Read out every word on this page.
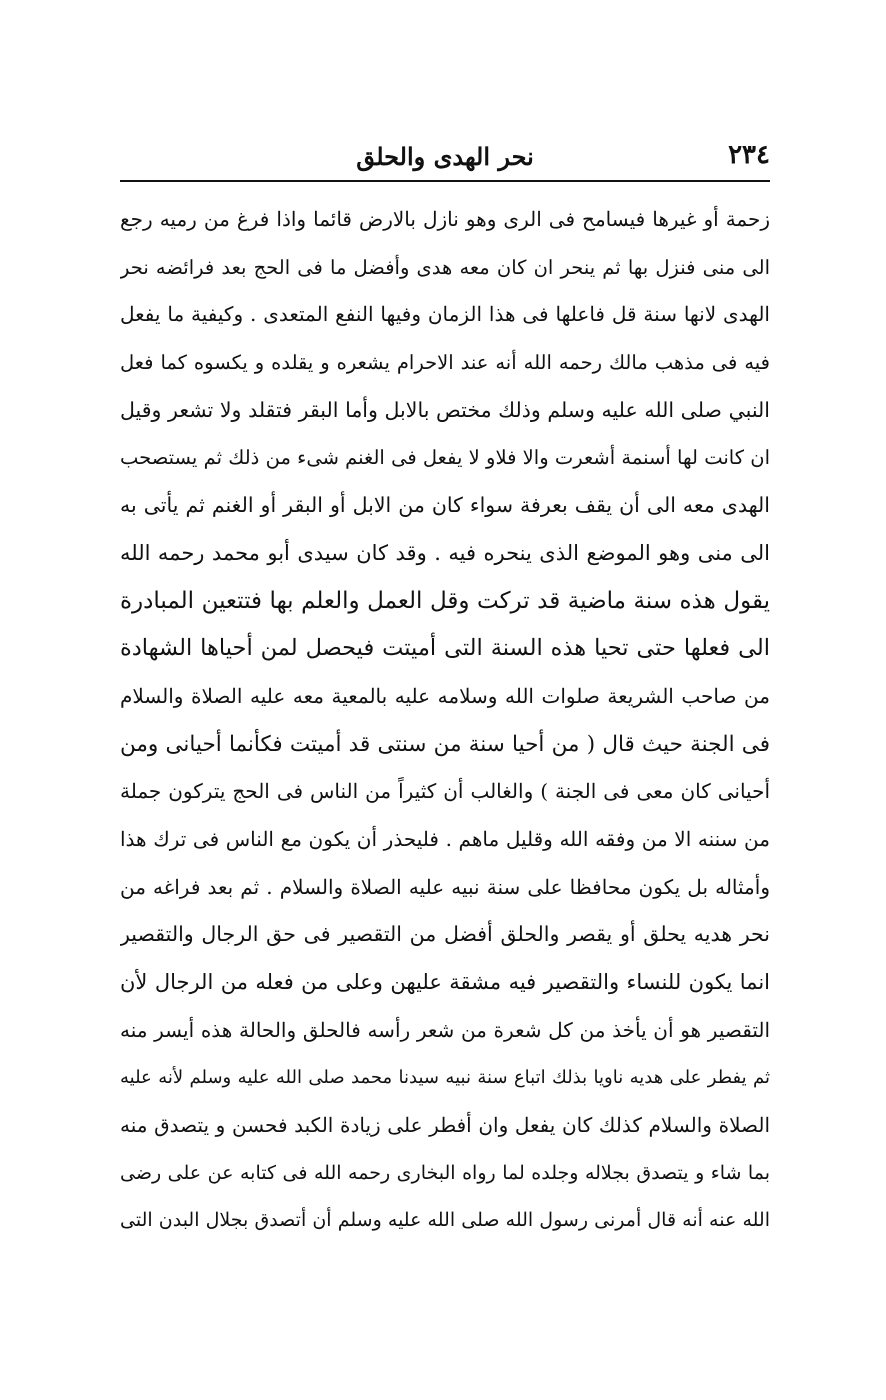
٢٣٤
نحر الهدى والحلق
زحمة أو غيرها فيسامح فى الرى وهو نازل بالارض قائما واذا فرغ من رميه رجع
الى منى فنزل بها ثم ينحر ان كان معه هدى وأفضل ما فى الحج بعد فرائضه نحر
الهدى لانها سنة قل فاعلها فى هذا الزمان وفيها النفع المتعدى . وكيفية ما يفعل
فيه فى مذهب مالك رحمه الله أنه عند الاحرام يشعره و يقلده و يكسوه كما فعل
النبي صلى الله عليه وسلم وذلك مختص بالابل وأما البقر فتقلد ولا تشعر وقيل
ان كانت لها أسنمة أشعرت والا فلاو لا يفعل فى الغنم شىء من ذلك ثم يستصحب
الهدى معه الى أن يقف بعرفة سواء كان من الابل أو البقر أو الغنم ثم يأتى به
الى منى وهو الموضع الذى ينحره فيه . وقد كان سيدى أبو محمد رحمه الله
يقول هذه سنة ماضية قد تركت وقل العمل والعلم بها فتتعين المبادرة
الى فعلها حتى تحيا هذه السنة التى أميتت فيحصل لمن أحياها الشهادة
من صاحب الشريعة صلوات الله وسلامه عليه بالمعية معه عليه الصلاة والسلام
فى الجنة حيث قال ( من أحيا سنة من سنتى قد أميتت فكأنما أحيانى ومن
أحيانى كان معى فى الجنة ) والغالب أن كثيراً من الناس فى الحج يتركون جملة
من سننه الا من وفقه الله وقليل ماهم . فليحذر أن يكون مع الناس فى ترك هذا
وأمثاله بل يكون محافظا على سنة نبيه عليه الصلاة والسلام . ثم بعد فراغه من
نحر هديه يحلق أو يقصر والحلق أفضل من التقصير فى حق الرجال والتقصير
انما يكون للنساء والتقصير فيه مشقة عليهن وعلى من فعله من الرجال لأن
التقصير هو أن يأخذ من كل شعرة من شعر رأسه فالحلق والحالة هذه أيسر منه
ثم يفطر على هديه ناويا بذلك اتباع سنة نبيه سيدنا محمد صلى الله عليه وسلم لأنه عليه
الصلاة والسلام كذلك كان يفعل وان أفطر على زيادة الكبد فحسن و يتصدق منه
بما شاء و يتصدق بجلاله وجلده لما رواه البخارى رحمه الله فى كتابه عن على رضى
الله عنه أنه قال أمرنى رسول الله صلى الله عليه وسلم أن أتصدق بجلال البدن التى
